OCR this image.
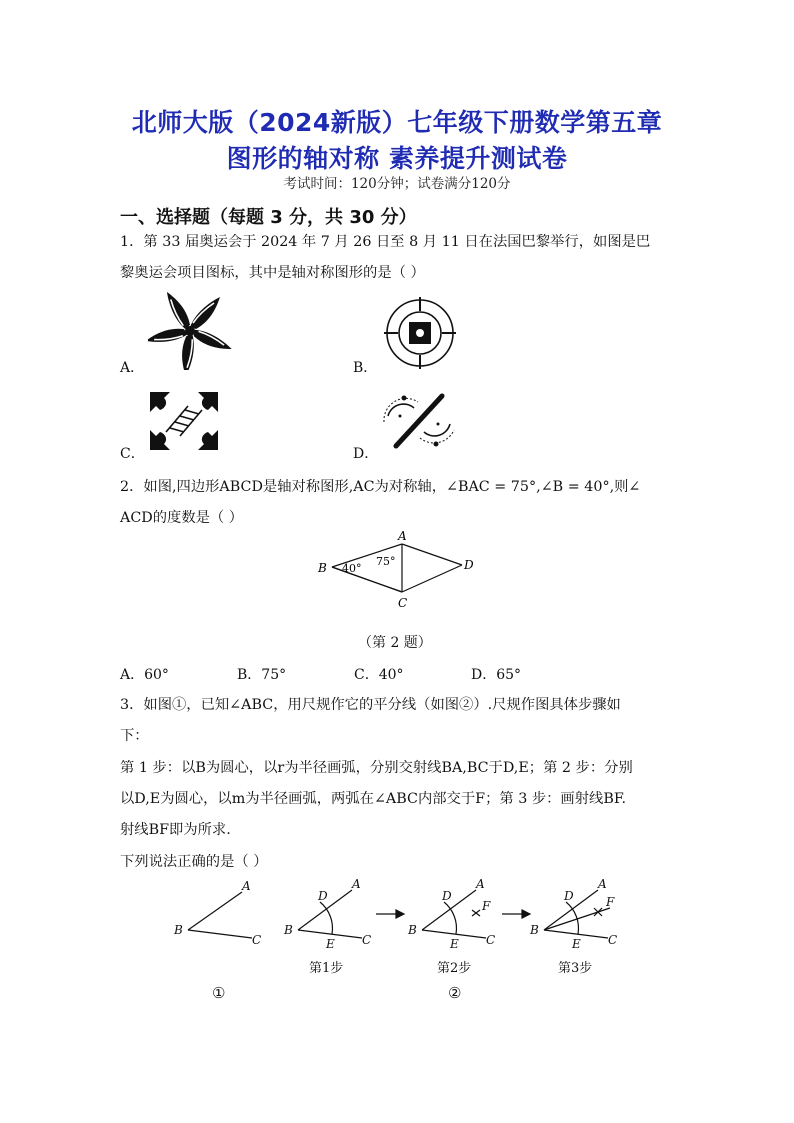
北师大版（2024新版）七年级下册数学第五章
图形的轴对称 素养提升测试卷
考试时间：120分钟；试卷满分120分
一、选择题（每题 3 分，共 30 分）
1．第 33 届奥运会于 2024 年 7 月 26 日至 8 月 11 日在法国巴黎举行，如图是巴
黎奥运会项目图标，其中是轴对称图形的是（ ）
A．	B．
C．	D．
2．如图,四边形ABCD是轴对称图形,AC为对称轴，∠BAC = 75°,∠B = 40°,则∠
ACD的度数是（ ）
B
A
D
C
40°
75°
（第 2 题）
A．60°	B．75°	C．40°	D．65°
3．如图①，已知∠ABC，用尺规作它的平分线（如图②）.尺规作图具体步骤如
下：
第 1 步：以B为圆心，以r为半径画弧，分别交射线BA,BC于D,E；第 2 步：分别
以D,E为圆心，以m为半径画弧，两弧在∠ABC内部交于F；第 3 步：画射线BF.
射线BF即为所求.
下列说法正确的是（ ）
A
B
C
A
B
C
D
E
A
B
C
D
E
F
A
B
C
D
E
F
第1步	第2步	第3步
①	②
